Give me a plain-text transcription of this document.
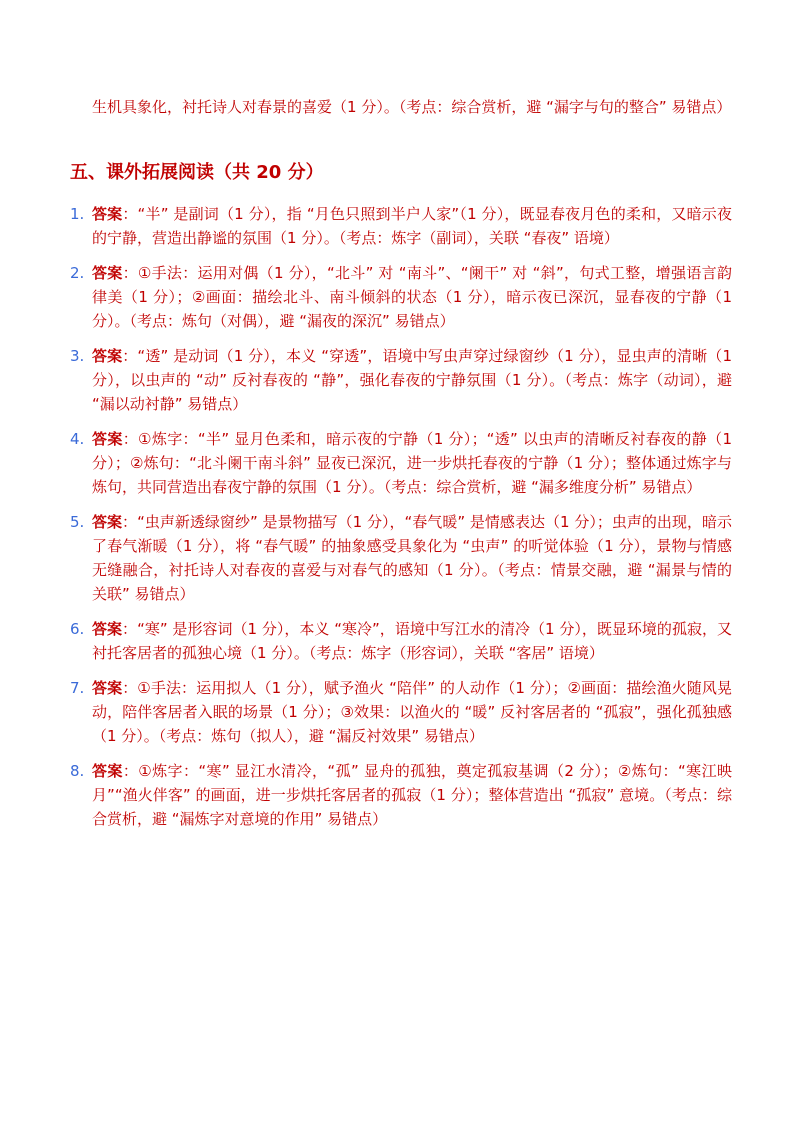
生机具象化，衬托诗人对春景的喜爱（1 分）。（考点：综合赏析，避 “漏字与句的整合” 易错点）
五、课外拓展阅读（共 20 分）
1. 答案：“半” 是副词（1 分），指 “月色只照到半户人家”（1 分），既显春夜月色的柔和，又暗示夜的宁静，营造出静谧的氛围（1 分）。（考点：炼字（副词），关联 “春夜” 语境）
2. 答案：①手法：运用对偶（1 分），“北斗” 对 “南斗”、“阑干” 对 “斜”，句式工整，增强语言韵律美（1 分）；②画面：描绘北斗、南斗倾斜的状态（1 分），暗示夜已深沉，显春夜的宁静（1 分）。（考点：炼句（对偶），避 “漏夜的深沉” 易错点）
3. 答案：“透” 是动词（1 分），本义 “穿透”，语境中写虫声穿过绿窗纱（1 分），显虫声的清晰（1 分），以虫声的 “动” 反衬春夜的 “静”，强化春夜的宁静氛围（1 分）。（考点：炼字（动词），避 “漏以动衬静” 易错点）
4. 答案：①炼字：“半” 显月色柔和，暗示夜的宁静（1 分）；“透” 以虫声的清晰反衬春夜的静（1 分）；②炼句：“北斗阑干南斗斜” 显夜已深沉，进一步烘托春夜的宁静（1 分）；整体通过炼字与炼句，共同营造出春夜宁静的氛围（1 分）。（考点：综合赏析，避 “漏多维度分析” 易错点）
5. 答案：“虫声新透绿窗纱” 是景物描写（1 分），“春气暖” 是情感表达（1 分）；虫声的出现，暗示了春气渐暖（1 分），将 “春气暖” 的抽象感受具象化为 “虫声” 的听觉体验（1 分），景物与情感无缝融合，衬托诗人对春夜的喜爱与对春气的感知（1 分）。（考点：情景交融，避 “漏景与情的关联” 易错点）
6. 答案：“寒” 是形容词（1 分），本义 “寒冷”，语境中写江水的清冷（1 分），既显环境的孤寂，又衬托客居者的孤独心境（1 分）。（考点：炼字（形容词），关联 “客居” 语境）
7. 答案：①手法：运用拟人（1 分），赋予渔火 “陪伴” 的人动作（1 分）；②画面：描绘渔火随风晃动，陪伴客居者入眠的场景（1 分）；③效果：以渔火的 “暖” 反衬客居者的 “孤寂”，强化孤独感（1 分）。（考点：炼句（拟人），避 “漏反衬效果” 易错点）
8. 答案：①炼字：“寒” 显江水清冷，“孤” 显舟的孤独，奠定孤寂基调（2 分）；②炼句：“寒江映月”“渔火伴客” 的画面，进一步烘托客居者的孤寂（1 分）；整体营造出 “孤寂” 意境。（考点：综合赏析，避 “漏炼字对意境的作用” 易错点）
